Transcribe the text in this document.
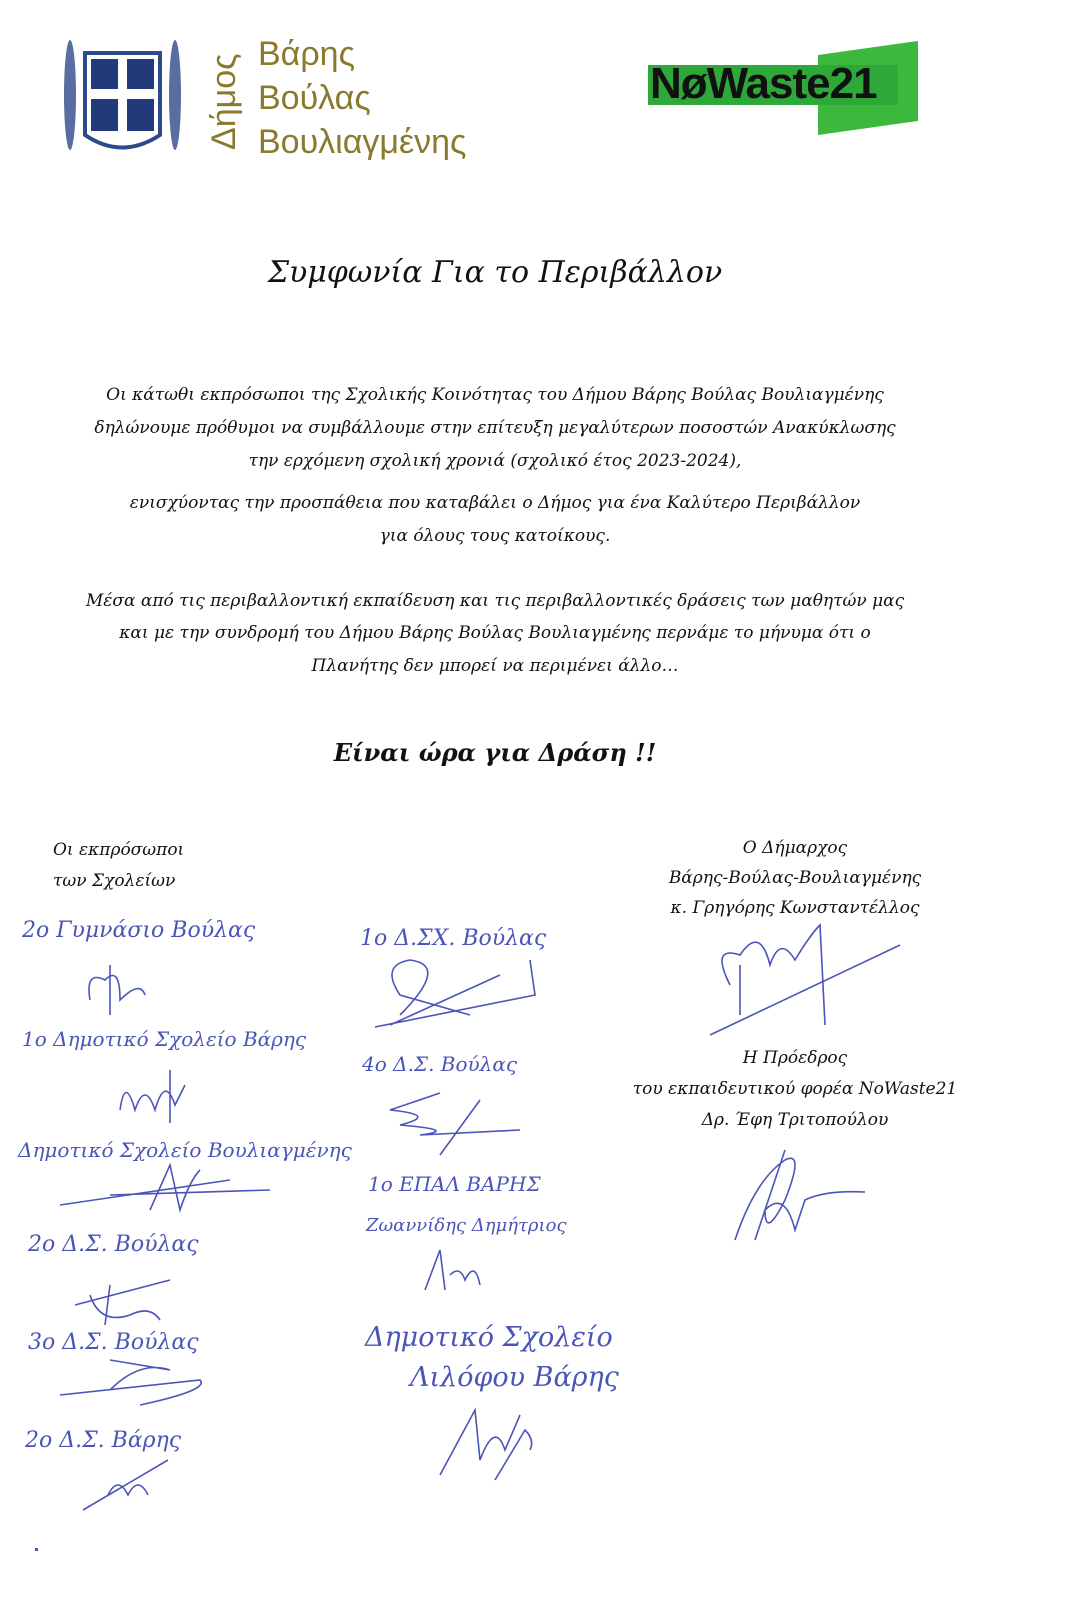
Δήμος Βάρης
Βούλας
Βουλιαγμένης
NøWaste21
Συμφωνία Για το Περιβάλλον
Οι κάτωθι εκπρόσωποι της Σχολικής Κοινότητας του Δήμου Βάρης Βούλας Βουλιαγμένης
δηλώνουμε πρόθυμοι να συμβάλλουμε στην επίτευξη μεγαλύτερων ποσοστών Ανακύκλωσης
την ερχόμενη σχολική χρονιά (σχολικό έτος 2023-2024),
ενισχύοντας την προσπάθεια που καταβάλει ο Δήμος για ένα Καλύτερο Περιβάλλον
για όλους τους κατοίκους.
Μέσα από τις περιβαλλοντική εκπαίδευση και τις περιβαλλοντικές δράσεις των μαθητών μας
και με την συνδρομή του Δήμου Βάρης Βούλας Βουλιαγμένης περνάμε το μήνυμα ότι ο
Πλανήτης δεν μπορεί να περιμένει άλλο…
Είναι ώρα για Δράση !!
Οι εκπρόσωποι
των Σχολείων
Ο Δήμαρχος
Βάρης-Βούλας-Βουλιαγμένης
κ. Γρηγόρης Κωνσταντέλλος
Η Πρόεδρος
του εκπαιδευτικού φορέα NoWaste21
Δρ. Έφη Τριτοπούλου
2ο Γυμνάσιο Βούλας
1ο Δημοτικό Σχολείο Βάρης
Δημοτικό Σχολείο Βουλιαγμένης
2ο Δ.Σ. Βούλας
3ο Δ.Σ. Βούλας
2ο Δ.Σ. Βάρης
1ο Δ.ΣΧ. Βούλας
4ο Δ.Σ. Βούλας
1ο ΕΠΑΛ ΒΑΡΗΣ
Ζωαννίδης Δημήτριος
Δημοτικό Σχολείο
Λιλόφου Βάρης
